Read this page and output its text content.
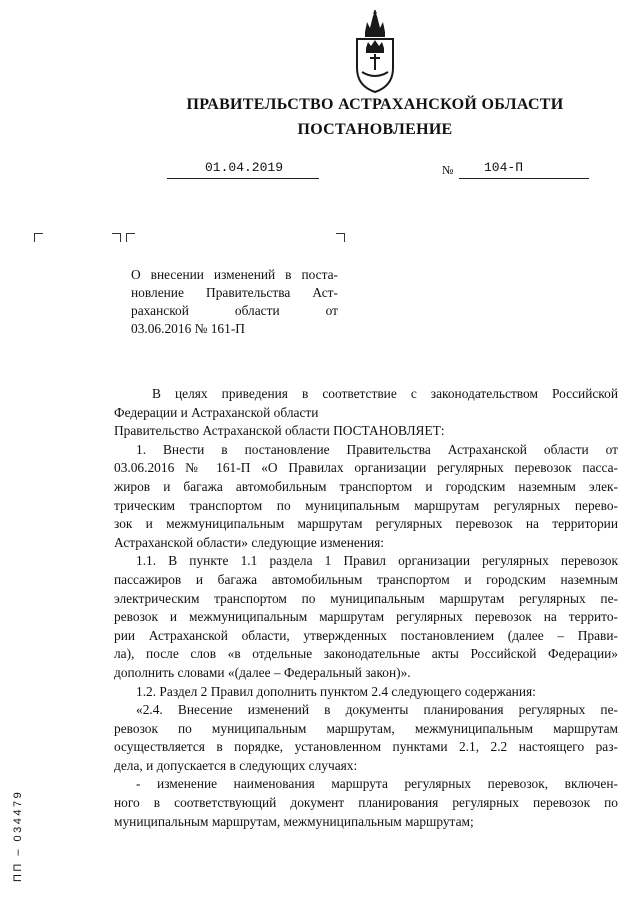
ПРАВИТЕЛЬСТВО АСТРАХАНСКОЙ ОБЛАСТИ
ПОСТАНОВЛЕНИЕ
01.04.2019	№ 104-П
О внесении изменений в поста-
новление Правительства Аст-
раханской области от
03.06.2016 № 161-П
В целях приведения в соответствие с законодательством Российской
Федерации и Астраханской области
Правительство Астраханской области ПОСТАНОВЛЯЕТ:
1. Внести в постановление Правительства Астраханской области от
03.06.2016 № 161-П «О Правилах организации регулярных перевозок пасса-
жиров и багажа автомобильным транспортом и городским наземным элек-
трическим транспортом по муниципальным маршрутам регулярных перево-
зок и межмуниципальным маршрутам регулярных перевозок на территории
Астраханской области» следующие изменения:
1.1. В пункте 1.1 раздела 1 Правил организации регулярных перевозок
пассажиров и багажа автомобильным транспортом и городским наземным
электрическим транспортом по муниципальным маршрутам регулярных пе-
ревозок и межмуниципальным маршрутам регулярных перевозок на террито-
рии Астраханской области, утвержденных постановлением (далее – Прави-
ла), после слов «в отдельные законодательные акты Российской Федерации»
дополнить словами «(далее – Федеральный закон)».
1.2. Раздел 2 Правил дополнить пунктом 2.4 следующего содержания:
«2.4. Внесение изменений в документы планирования регулярных пе-
ревозок по муниципальным маршрутам, межмуниципальным маршрутам
осуществляется в порядке, установленном пунктами 2.1, 2.2 настоящего раз-
дела, и допускается в следующих случаях:
- изменение наименования маршрута регулярных перевозок, включен-
ного в соответствующий документ планирования регулярных перевозок по
муниципальным маршрутам, межмуниципальным маршрутам;
ПП – 034479
